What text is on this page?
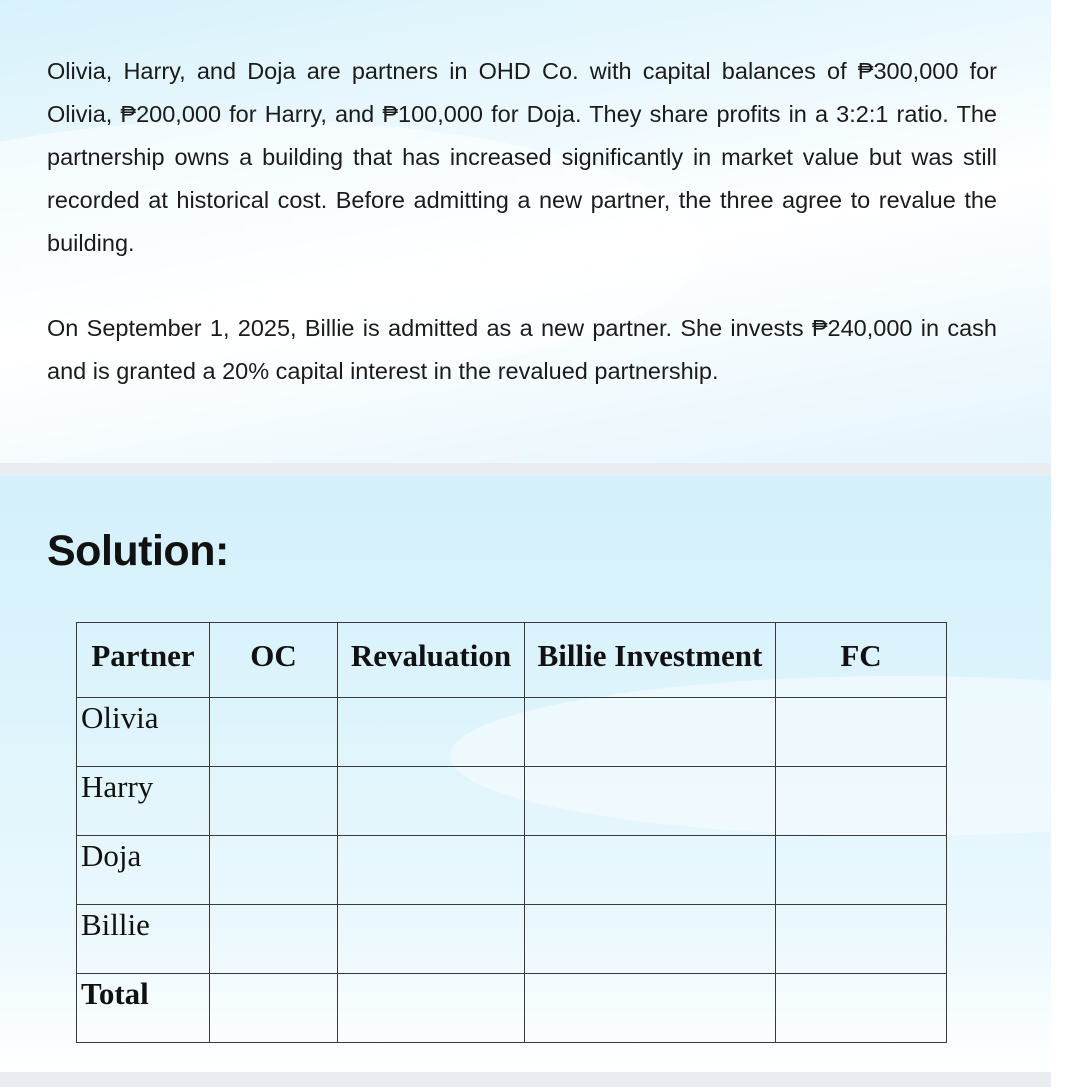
Olivia, Harry, and Doja are partners in OHD Co. with capital balances of ₱300,000 for Olivia, ₱200,000 for Harry, and ₱100,000 for Doja. They share profits in a 3:2:1 ratio. The partnership owns a building that has increased significantly in market value but was still recorded at historical cost. Before admitting a new partner, the three agree to revalue the building.

On September 1, 2025, Billie is admitted as a new partner. She invests ₱240,000 in cash and is granted a 20% capital interest in the revalued partnership.

Solution:
Partner	OC	Revaluation	Billie Investment	FC
Olivia				
Harry				
Doja				
Billie				
Total				
